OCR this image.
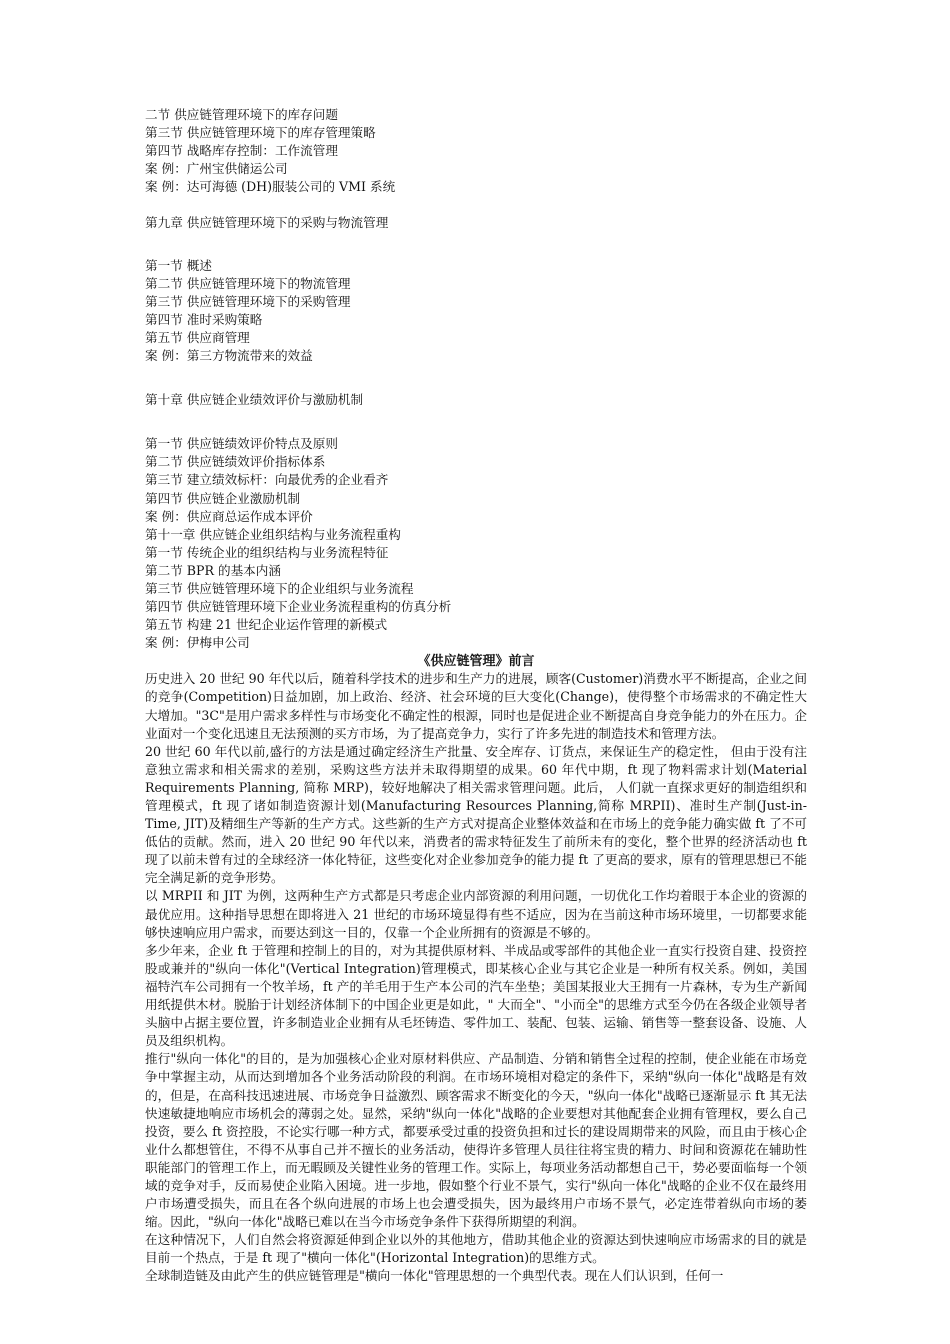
二节 供应链管理环境下的库存问题
第三节 供应链管理环境下的库存管理策略
第四节 战略库存控制：工作流管理
案 例：广州宝供储运公司
案 例：达可海德 (DH)服装公司的 VMI 系统
第九章 供应链管理环境下的采购与物流管理
第一节 概述
第二节 供应链管理环境下的物流管理
第三节 供应链管理环境下的采购管理
第四节 准时采购策略
第五节 供应商管理
案 例：第三方物流带来的效益
第十章 供应链企业绩效评价与激励机制
第一节 供应链绩效评价特点及原则
第二节 供应链绩效评价指标体系
第三节 建立绩效标杆：向最优秀的企业看齐
第四节 供应链企业激励机制
案 例：供应商总运作成本评价
第十一章 供应链企业组织结构与业务流程重构
第一节 传统企业的组织结构与业务流程特征
第二节 BPR 的基本内涵
第三节 供应链管理环境下的企业组织与业务流程
第四节 供应链管理环境下企业业务流程重构的仿真分析
第五节 构建 21 世纪企业运作管理的新模式
案 例：伊梅申公司
《供应链管理》前言

历史进入 20 世纪 90 年代以后，随着科学技术的进步和生产力的进展，顾客(Customer)消费水平不断提高，企业之间的竞争(Competition)日益加剧，加上政治、经济、社会环境的巨大变化(Change)，使得整个市场需求的不确定性大大增加。"3C"是用户需求多样性与市场变化不确定性的根源，同时也是促进企业不断提高自身竞争能力的外在压力。企业面对一个变化迅速且无法预测的买方市场，为了提高竞争力，实行了许多先进的制造技术和管理方法。

20 世纪 60 年代以前,盛行的方法是通过确定经济生产批量、安全库存、订货点，来保证生产的稳定性， 但由于没有注意独立需求和相关需求的差别，采购这些方法并未取得期望的成果。60 年代中期，ft 现了物料需求计划(Material Requirements Planning, 简称 MRP)，较好地解决了相关需求管理问题。此后， 人们就一直探求更好的制造组织和管理模式，ft 现了诸如制造资源计划(Manufacturing Resources Planning,简称 MRPII)、准时生产制(Just-in-Time, JIT)及精细生产等新的生产方式。这些新的生产方式对提高企业整体效益和在市场上的竞争能力确实做 ft 了不可低估的贡献。然而，进入 20 世纪 90 年代以来，消费者的需求特征发生了前所未有的变化，整个世界的经济活动也 ft 现了以前未曾有过的全球经济一体化特征，这些变化对企业参加竞争的能力提 ft 了更高的要求，原有的管理思想已不能完全满足新的竞争形势。

以 MRPII 和 JIT 为例，这两种生产方式都是只考虑企业内部资源的利用问题，一切优化工作均着眼于本企业的资源的最优应用。这种指导思想在即将进入 21 世纪的市场环境显得有些不适应，因为在当前这种市场环境里，一切都要求能够快速响应用户需求，而要达到这一目的，仅靠一个企业所拥有的资源是不够的。

多少年来，企业 ft 于管理和控制上的目的，对为其提供原材料、半成品或零部件的其他企业一直实行投资自建、投资控股或兼并的"纵向一体化"(Vertical Integration)管理模式，即某核心企业与其它企业是一种所有权关系。例如，美国福特汽车公司拥有一个牧羊场，ft 产的羊毛用于生产本公司的汽车坐垫；美国某报业大王拥有一片森林，专为生产新闻用纸提供木材。脱胎于计划经济体制下的中国企业更是如此，" 大而全"、"小而全"的思维方式至今仍在各级企业领导者头脑中占据主要位置，许多制造业企业拥有从毛坯铸造、零件加工、装配、包装、运输、销售等一整套设备、设施、人员及组织机构。

推行"纵向一体化"的目的，是为加强核心企业对原材料供应、产品制造、分销和销售全过程的控制，使企业能在市场竞争中掌握主动，从而达到增加各个业务活动阶段的利润。在市场环境相对稳定的条件下，采纳"纵向一体化"战略是有效的，但是，在高科技迅速进展、市场竞争日益激烈、顾客需求不断变化的今天，"纵向一体化"战略已逐渐显示 ft 其无法快速敏捷地响应市场机会的薄弱之处。显然，采纳"纵向一体化"战略的企业要想对其他配套企业拥有管理权，要么自己投资，要么 ft 资控股，不论实行哪一种方式，都要承受过重的投资负担和过长的建设周期带来的风险，而且由于核心企业什么都想管住，不得不从事自己并不擅长的业务活动，使得许多管理人员往往将宝贵的精力、时间和资源花在辅助性职能部门的管理工作上，而无暇顾及关键性业务的管理工作。实际上，每项业务活动都想自己干，势必要面临每一个领域的竞争对手，反而易使企业陷入困境。进一步地，假如整个行业不景气，实行"纵向一体化"战略的企业不仅在最终用户市场遭受损失，而且在各个纵向进展的市场上也会遭受损失，因为最终用户市场不景气，必定连带着纵向市场的萎缩。因此，"纵向一体化"战略已难以在当今市场竞争条件下获得所期望的利润。

在这种情况下，人们自然会将资源延伸到企业以外的其他地方，借助其他企业的资源达到快速响应市场需求的目的就是目前一个热点，于是 ft 现了"横向一体化"(Horizontal Integration)的思维方式。

全球制造链及由此产生的供应链管理是"横向一体化"管理思想的一个典型代表。现在人们认识到，任何一
